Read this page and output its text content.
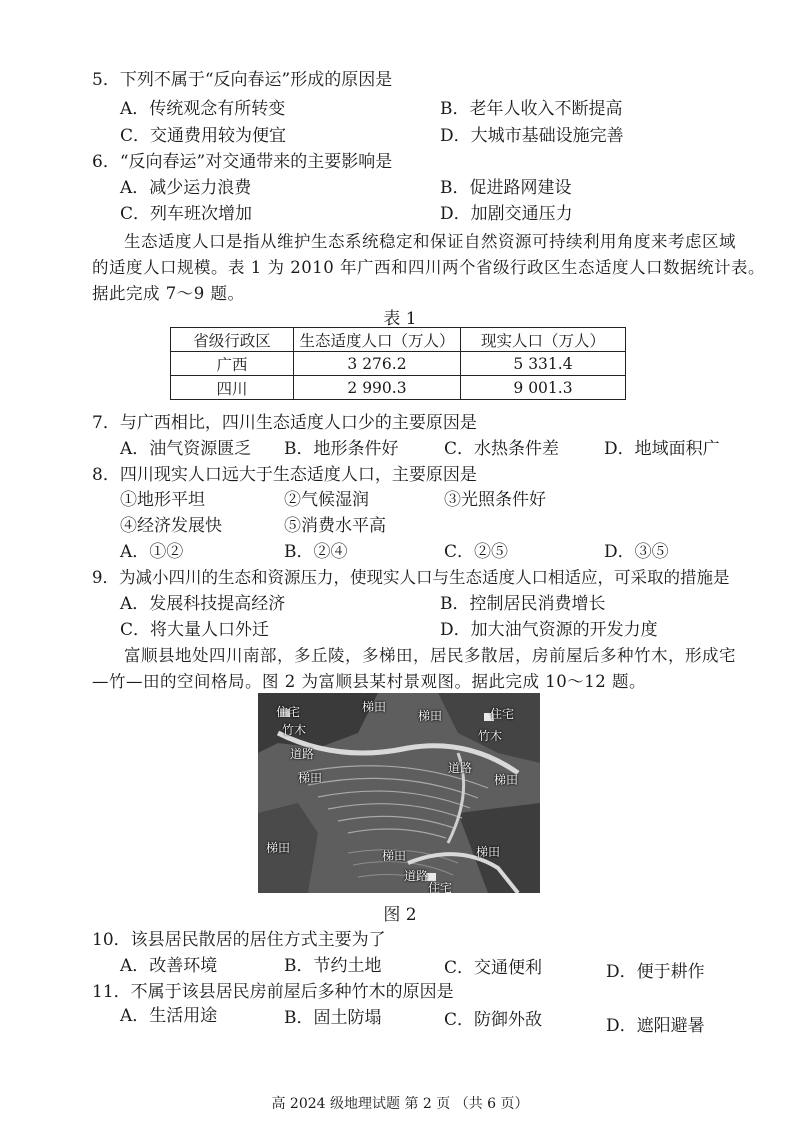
5．下列不属于“反向春运”形成的原因是
A．传统观念有所转变	B．老年人收入不断提高
C．交通费用较为便宜	D．大城市基础设施完善
6．“反向春运”对交通带来的主要影响是
A．减少运力浪费	B．促进路网建设
C．列车班次增加	D．加剧交通压力
生态适度人口是指从维护生态系统稳定和保证自然资源可持续利用角度来考虑区域
的适度人口规模。表 1 为 2010 年广西和四川两个省级行政区生态适度人口数据统计表。
据此完成 7～9 题。
表 1
省级行政区	生态适度人口（万人）	现实人口（万人）
广西	3 276.2	5 331.4
四川	2 990.3	9 001.3
7．与广西相比，四川生态适度人口少的主要原因是
A．油气资源匮乏 B．地形条件好	C．水热条件差	D．地域面积广
8．四川现实人口远大于生态适度人口，主要原因是
①地形平坦	②气候湿润	③光照条件好
④经济发展快	⑤消费水平高
A．①②	B．②④	C．②⑤	D．③⑤
9．为减小四川的生态和资源压力，使现实人口与生态适度人口相适应，可采取的措施是
A．发展科技提高经济	B．控制居民消费增长
C．将大量人口外迁	D．加大油气资源的开发力度
富顺县地处四川南部，多丘陵，多梯田，居民多散居，房前屋后多种竹木，形成宅
—竹—田的空间格局。图 2 为富顺县某村景观图。据此完成 10～12 题。
住宅	梯田
梯田	住宅
竹木	竹木
道路
道路
梯田	梯田
梯田
梯田	梯田
道路
住宅
图 2
10．该县居民散居的居住方式主要为了
A．改善环境	B．节约土地	C．交通便利	D．便于耕作
11．不属于该县居民房前屋后多种竹木的原因是
A．生活用途	B．固土防塌	C．防御外敌	D．遮阳避暑
高 2024 级地理试题 第 2 页 （共 6 页）
